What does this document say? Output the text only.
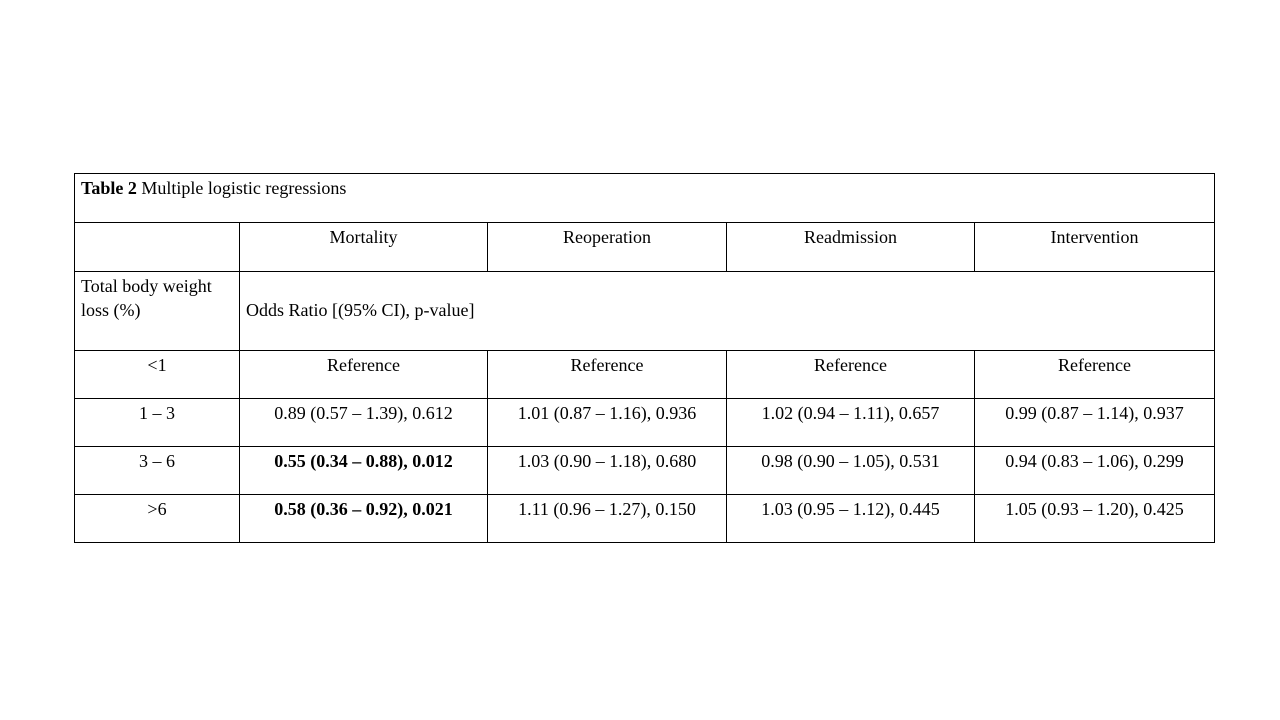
Table 2 Multiple logistic regressions				
	Mortality	Reoperation	Readmission	Intervention
Total body weight loss (%)	Odds Ratio [(95% CI), p-value]			
<1	Reference	Reference	Reference	Reference
1 – 3	0.89 (0.57 – 1.39), 0.612	1.01 (0.87 – 1.16), 0.936	1.02 (0.94 – 1.11), 0.657	0.99 (0.87 – 1.14), 0.937
3 – 6	0.55 (0.34 – 0.88), 0.012	1.03 (0.90 – 1.18), 0.680	0.98 (0.90 – 1.05), 0.531	0.94 (0.83 – 1.06), 0.299
>6	0.58 (0.36 – 0.92), 0.021	1.11 (0.96 – 1.27), 0.150	1.03 (0.95 – 1.12), 0.445	1.05 (0.93 – 1.20), 0.425
